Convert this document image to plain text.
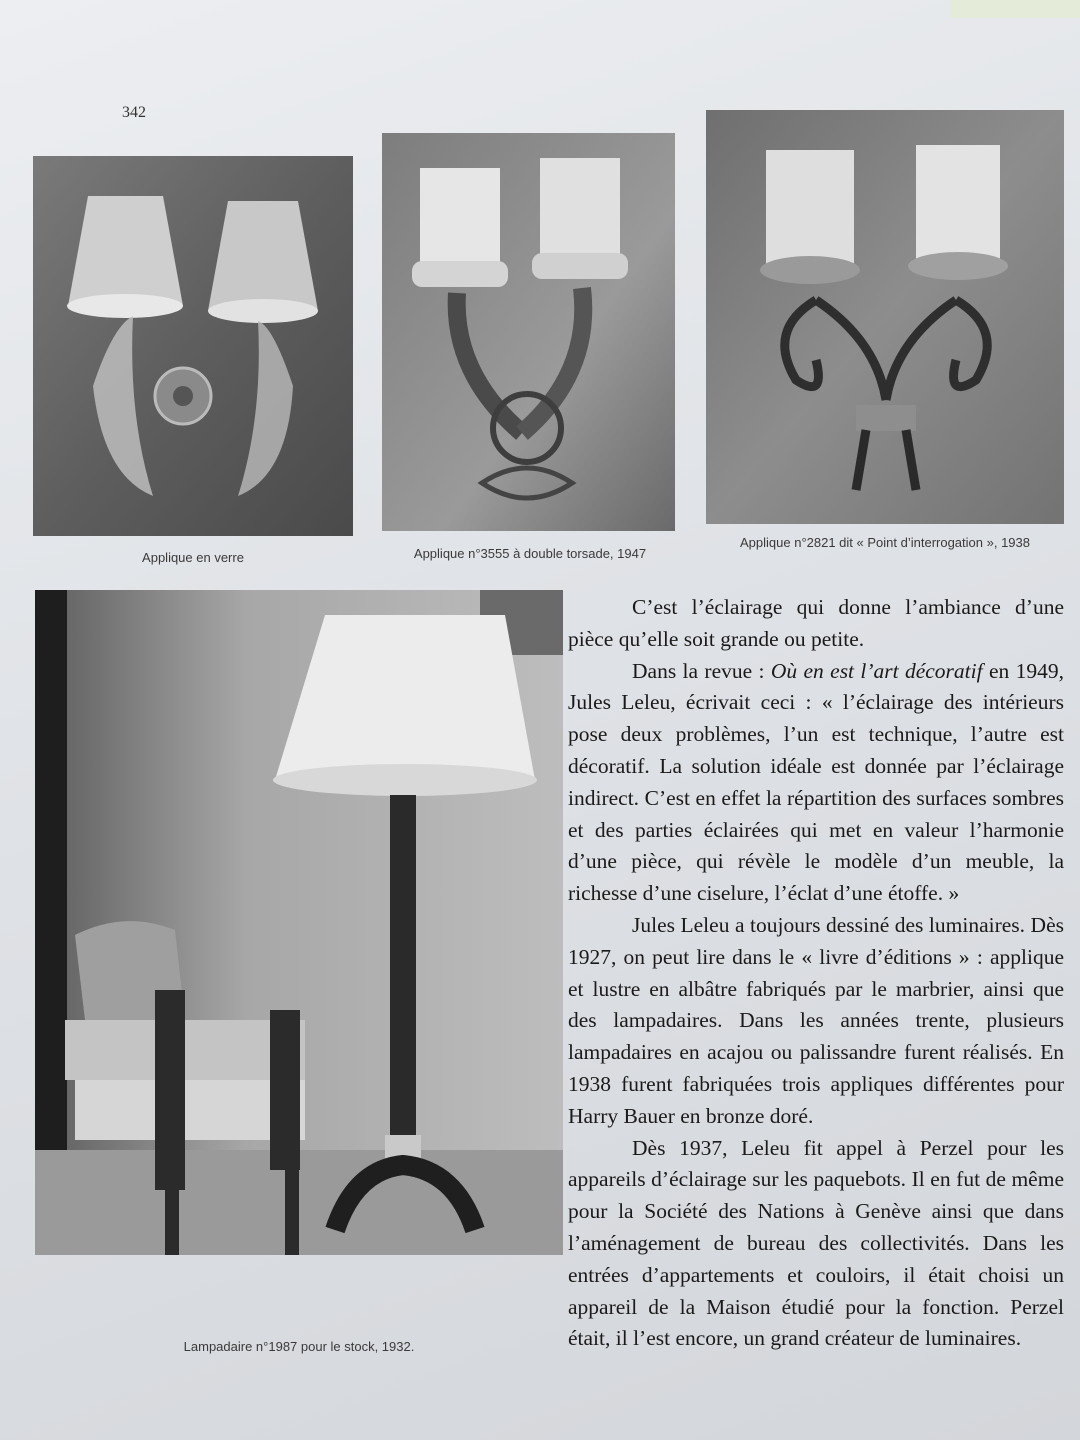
342
Applique en verre	Applique n°3555 à double torsade, 1947
Applique n°2821 dit « Point d’interrogation », 1938
Lampadaire n°1987 pour le stock, 1932.

C’est l’éclairage qui donne l’ambiance d’une pièce qu’elle soit grande ou petite.

Dans la revue : Où en est l’art décoratif en 1949, Jules Leleu, écrivait ceci : « l’éclairage des intérieurs pose deux problèmes, l’un est technique, l’autre est décoratif. La solution idéale est donnée par l’éclairage indirect. C’est en effet la répartition des surfaces sombres et des parties éclairées qui met en valeur l’harmonie d’une pièce, qui révèle le modèle d’un meuble, la richesse d’une ciselure, l’éclat d’une étoffe. »

Jules Leleu a toujours dessiné des luminaires. Dès 1927, on peut lire dans le « livre d’éditions » : applique et lustre en albâtre fabriqués par le marbrier, ainsi que des lampadaires. Dans les années trente, plusieurs lampadaires en acajou ou palissandre furent réalisés. En 1938 furent fabriquées trois appliques différentes pour Harry Bauer en bronze doré.

Dès 1937, Leleu fit appel à Perzel pour les appareils d’éclairage sur les paquebots. Il en fut de même pour la Société des Nations à Genève ainsi que dans l’aménagement de bureau des collectivités. Dans les entrées d’appartements et couloirs, il était choisi un appareil de la Maison étudié pour la fonction. Perzel était, il l’est encore, un grand créateur de luminaires.
